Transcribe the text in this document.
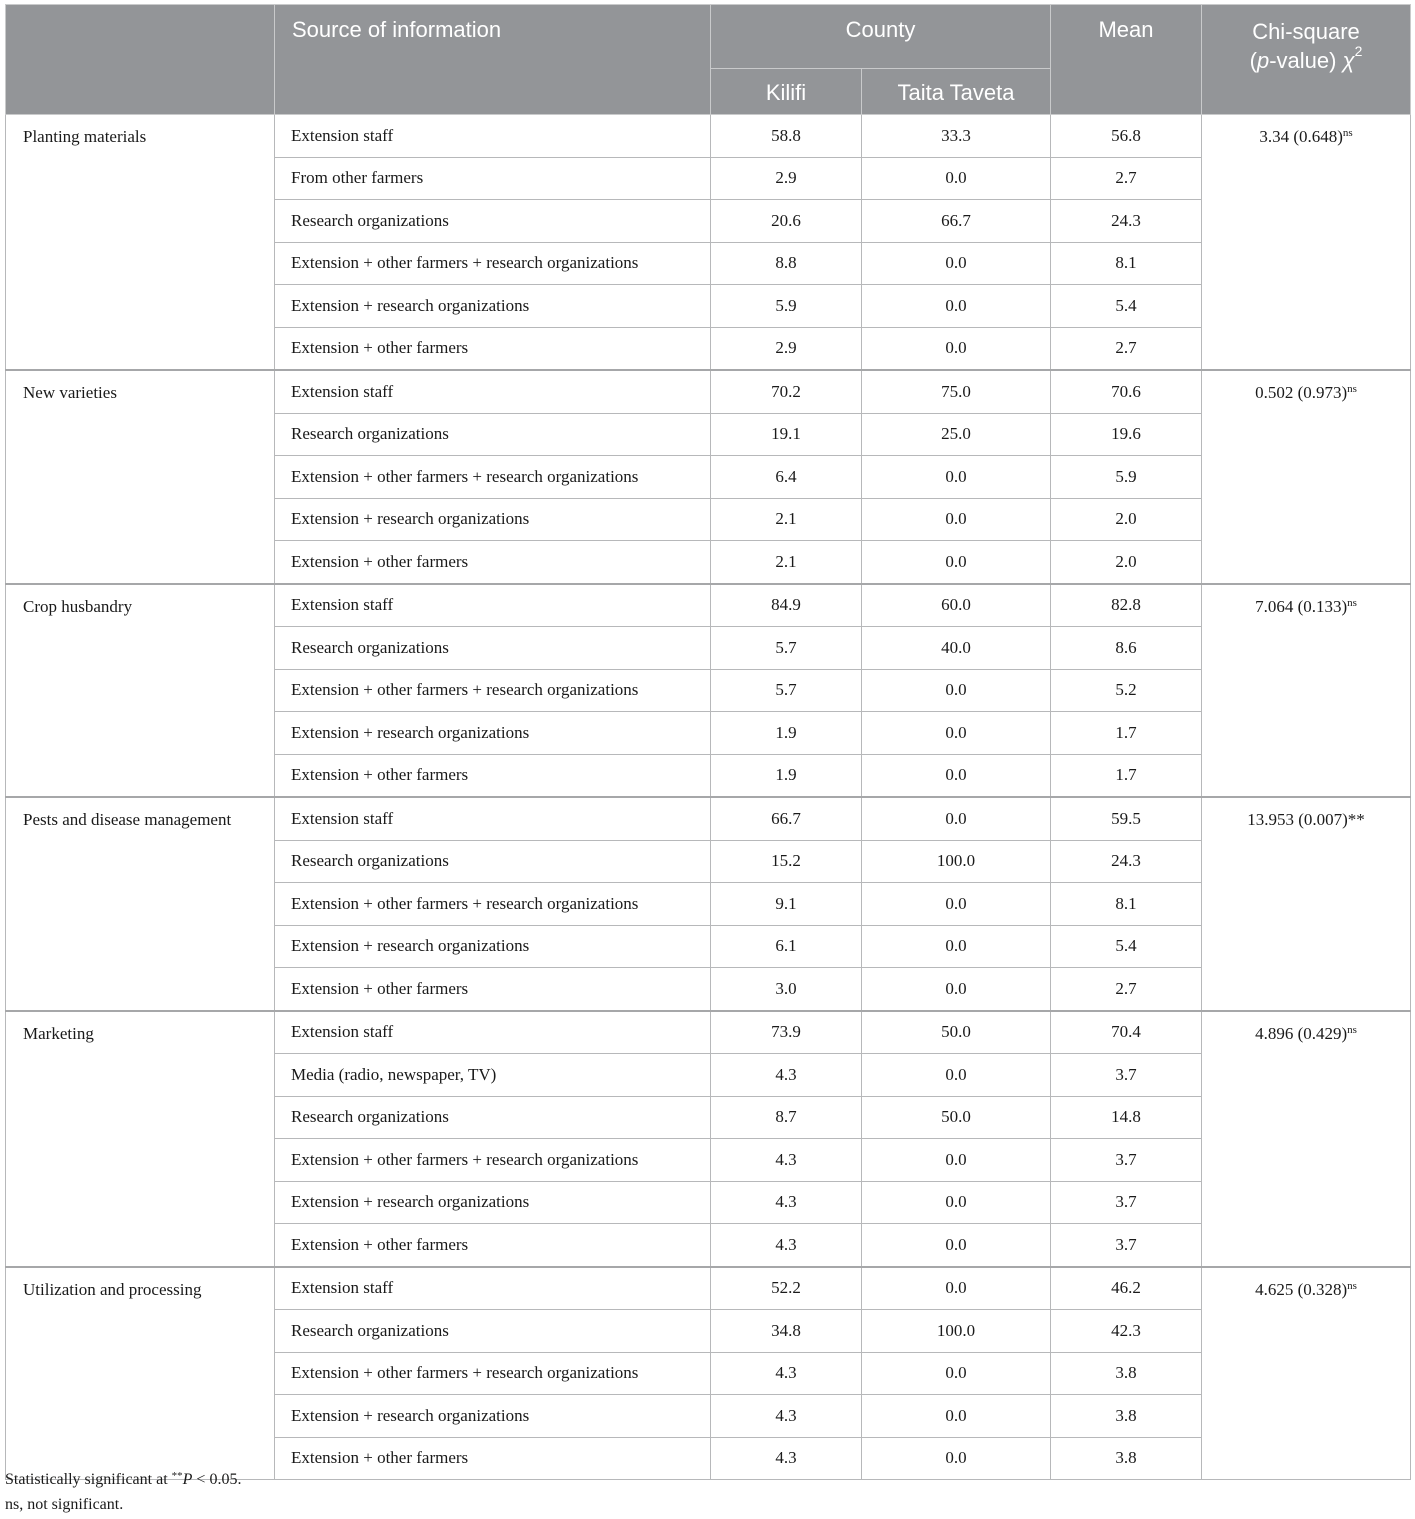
	Source of information	County		Mean	Chi-square
(p-value) $\chi^2$
		Kilifi	Taita Taveta		
Planting materials	Extension staff	58.8	33.3	56.8	3.34 $(0.648)^{ns}$
	From other farmers	2.9	0.0	2.7	
	Research organizations	20.6	66.7	24.3	
	Extension + other farmers + research organizations	8.8	0.0	8.1	
	Extension + research organizations	5.9	0.0	5.4	
	Extension + other farmers	2.9	0.0	2.7	
New varieties	Extension staff	70.2	75.0	70.6	0.502 $(0.973)^{ns}$
	Research organizations	19.1	25.0	19.6	
	Extension + other farmers + research organizations	6.4	0.0	5.9	
	Extension + research organizations	2.1	0.0	2.0	
	Extension + other farmers	2.1	0.0	2.0	
Crop husbandry	Extension staff	84.9	60.0	82.8	7.064 $(0.133)^{ns}$
	Research organizations	5.7	40.0	8.6	
	Extension + other farmers + research organizations	5.7	0.0	5.2	
	Extension + research organizations	1.9	0.0	1.7	
	Extension + other farmers	1.9	0.0	1.7	
Pests and disease management	Extension staff	66.7	0.0	59.5	13.953 (0.007)**
	Research organizations	15.2	100.0	24.3	
	Extension + other farmers + research organizations	9.1	0.0	8.1	
	Extension + research organizations	6.1	0.0	5.4	
	Extension + other farmers	3.0	0.0	2.7	
Marketing	Extension staff	73.9	50.0	70.4	4.896 $(0.429)^{ns}$
	Media (radio, newspaper, TV)	4.3	0.0	3.7	
	Research organizations	8.7	50.0	14.8	
	Extension + other farmers + research organizations	4.3	0.0	3.7	
	Extension + research organizations	4.3	0.0	3.7	
	Extension + other farmers	4.3	0.0	3.7	
Utilization and processing	Extension staff	52.2	0.0	46.2	4.625 $(0.328)^{ns}$
	Research organizations	34.8	100.0	42.3	
	Extension + other farmers + research organizations	4.3	0.0	3.8	
	Extension + research organizations	4.3	0.0	3.8	
	Extension + other farmers	4.3	0.0	3.8	
Statistically significant at **P < 0.05.
ns, not significant.
